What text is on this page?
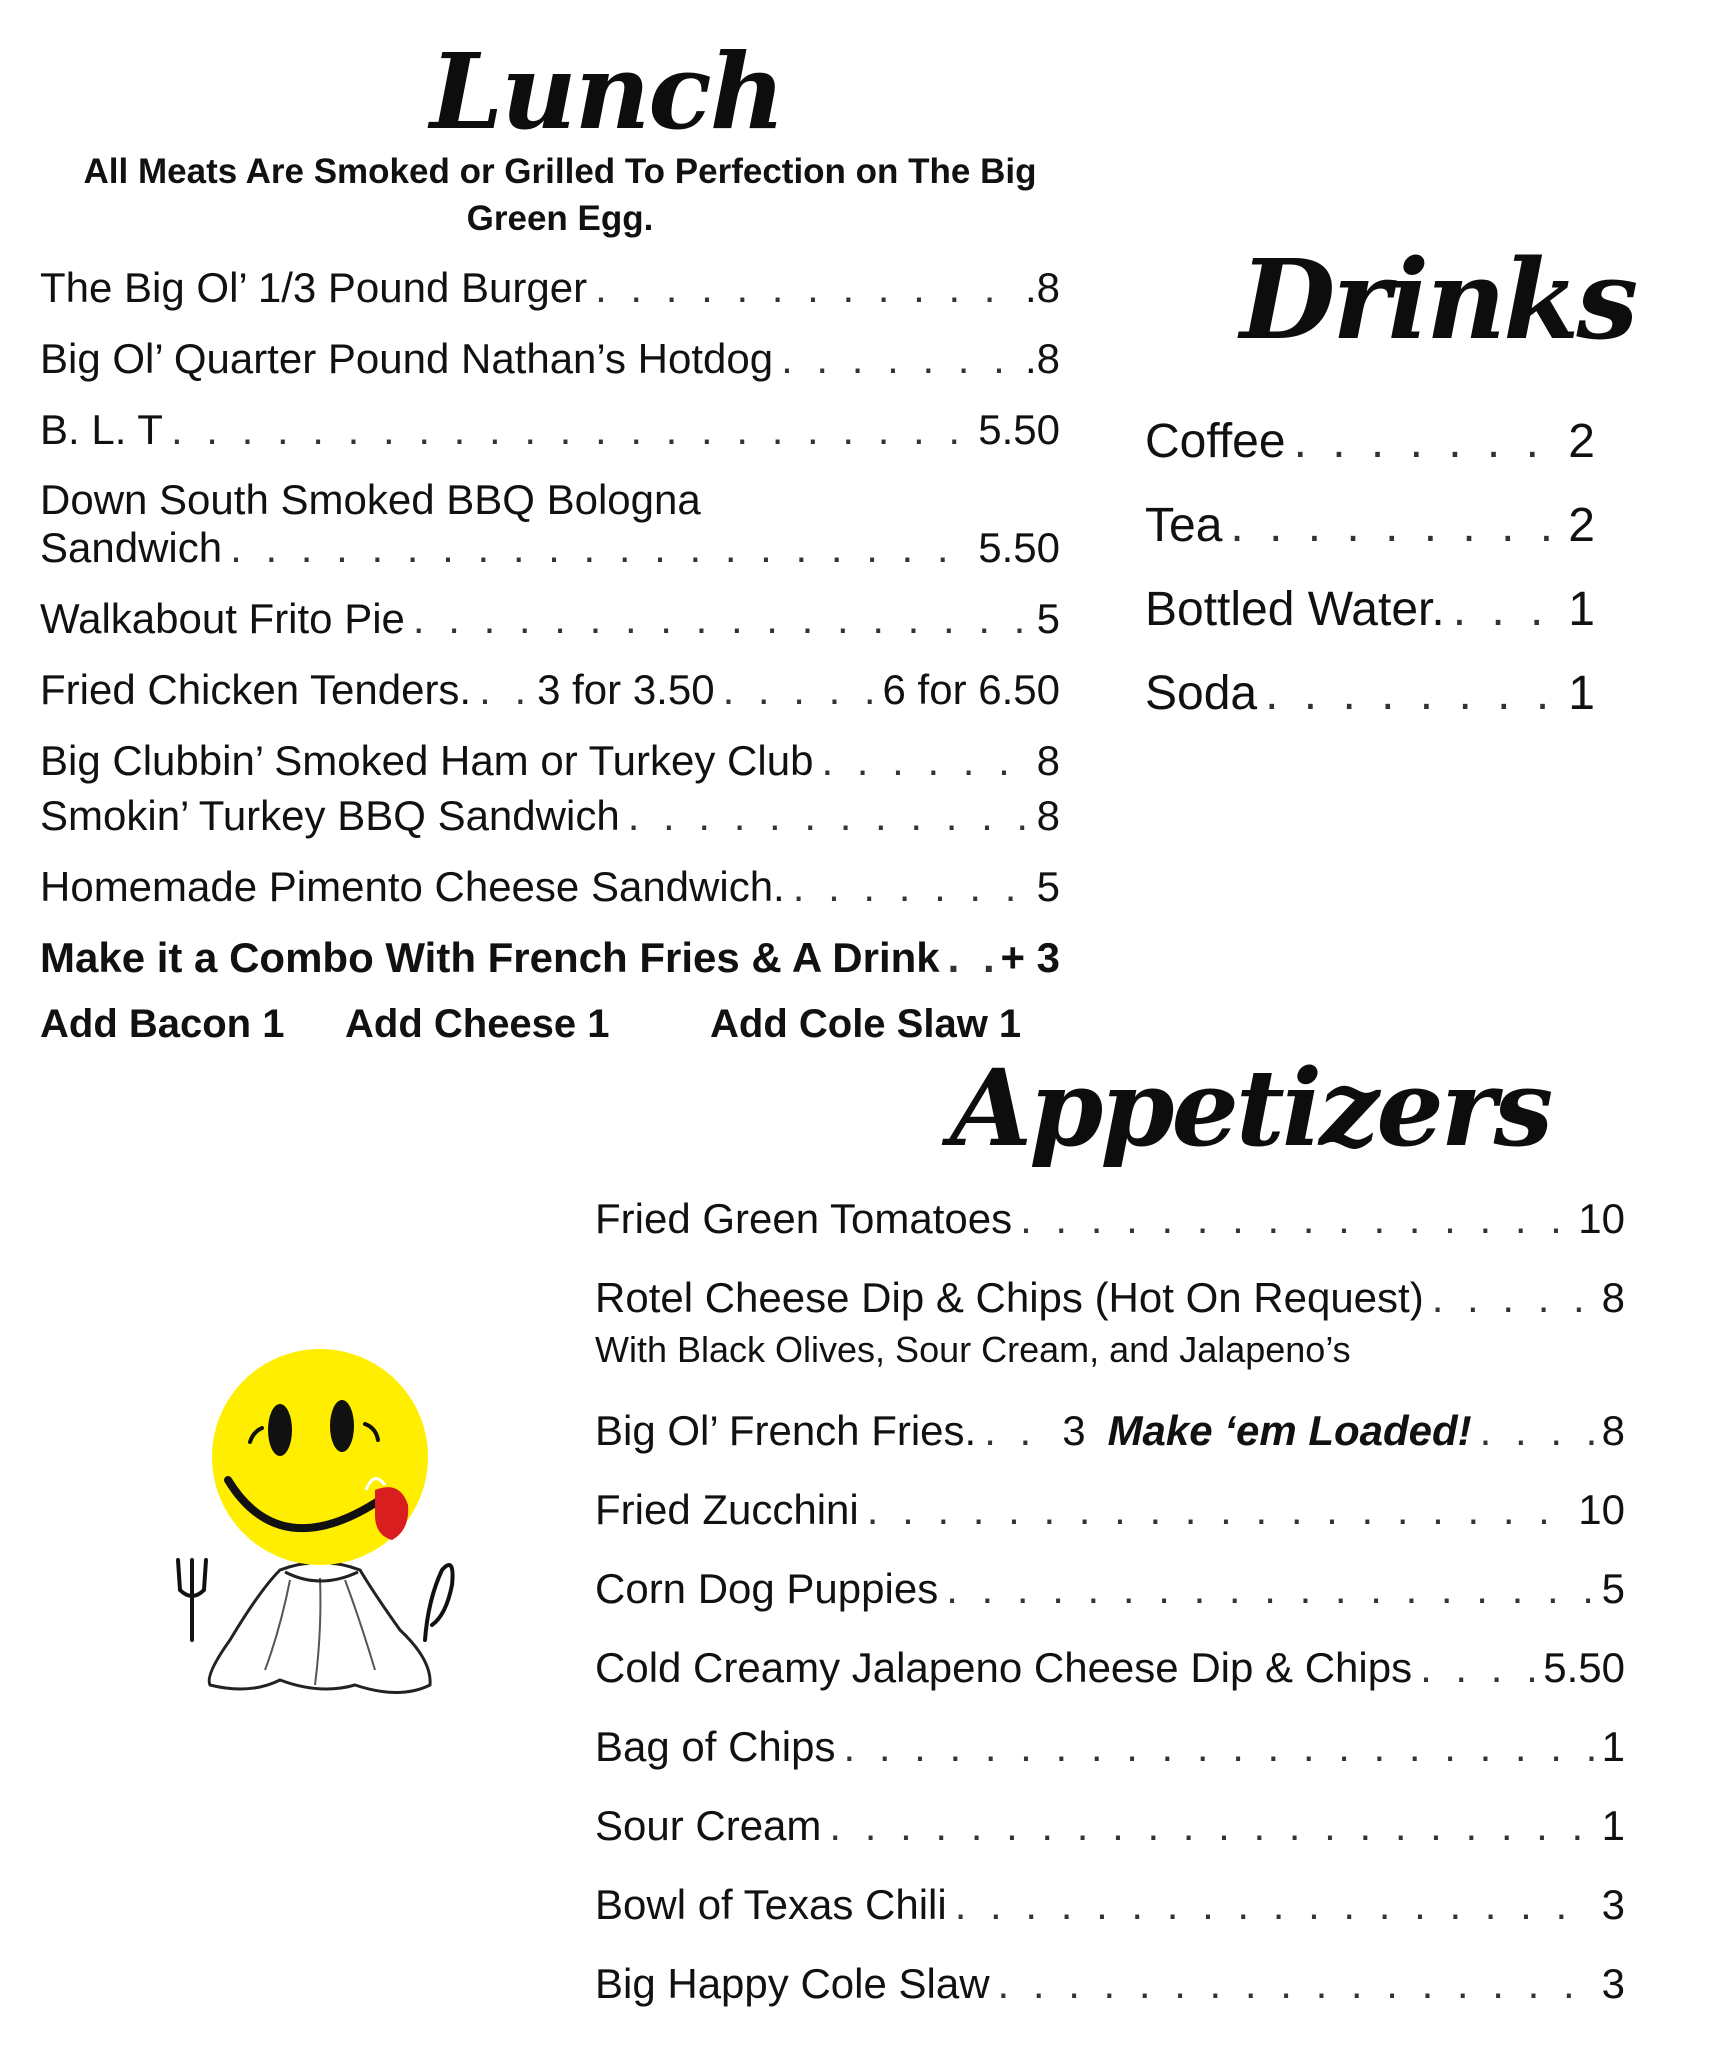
Lunch

All Meats Are Smoked or Grilled To Perfection on The Big Green Egg.

The Big Ol’ 1/3 Pound Burger . . .	.8
Big Ol’ Quarter Pound Nathan’s Hotdog . . .	.8
B. L. T . . .	5.50
Down South Smoked BBQ Bologna
Sandwich . . .	5.50
Walkabout Frito Pie . . .	5
Fried Chicken Tenders. . . . 3 for 3.50 . . .	6 for 6.50
Big Clubbin’ Smoked Ham or Turkey Club . . .	8
Smokin’ Turkey BBQ Sandwich . . .	8
Homemade Pimento Cheese Sandwich. . . .	5
Make it a Combo With French Fries & A Drink . . . + 3
Add Bacon 1 Add Cheese 1	Add Cole Slaw 1
Drinks
Coffee . . .	2
Tea . . .	2
Bottled Water. . . .	1
Soda . . .	1
Appetizers
Fried Green Tomatoes . . .	10
Rotel Cheese Dip & Chips (Hot On Request) . . .	8
With Black Olives, Sour Cream, and Jalapeno’s
Big Ol’ French Fries. . . . 3 Make ‘em Loaded! . . .	8
Fried Zucchini . . .	10
Corn Dog Puppies . . .	5
Cold Creamy Jalapeno Cheese Dip & Chips . . .	5.50
Bag of Chips . . .	1
Sour Cream . . .	1
Bowl of Texas Chili . . .	3
Big Happy Cole Slaw . . .	3
